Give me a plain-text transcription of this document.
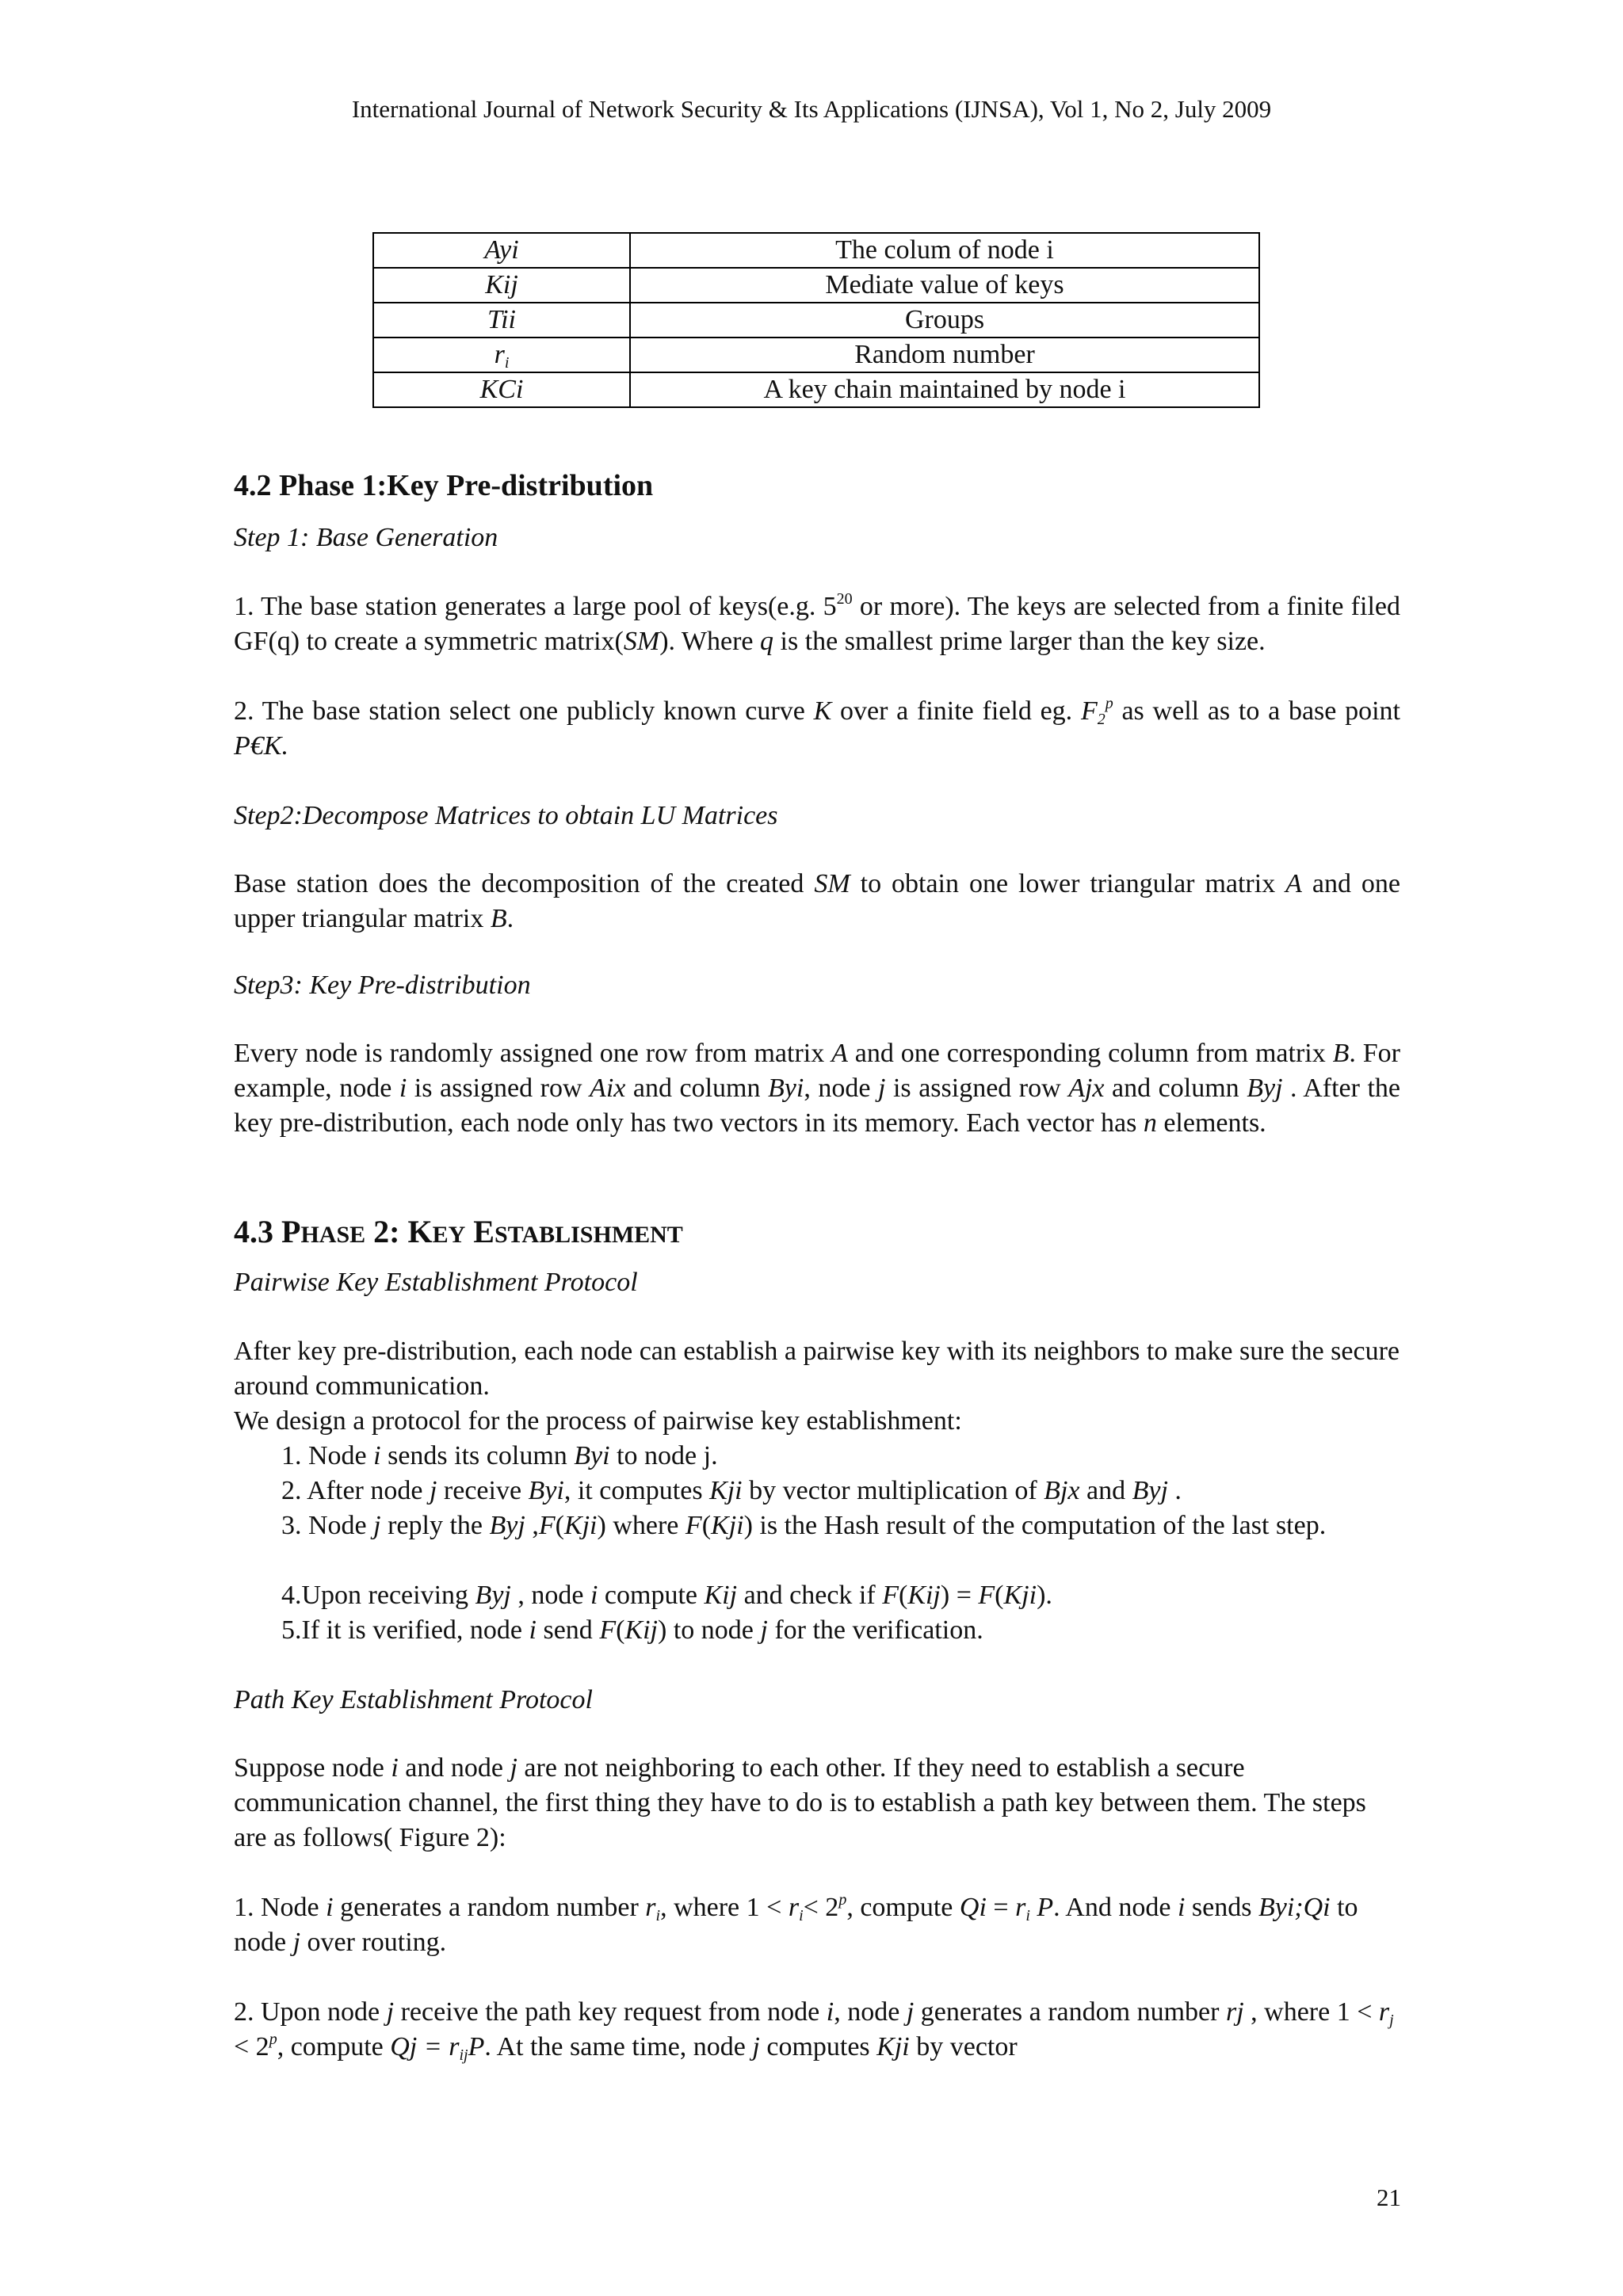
International Journal of Network Security & Its Applications (IJNSA), Vol 1, No 2, July 2009
Ayi	The colum of node i
Kij	Mediate value of keys
Tii	Groups
$r_i$	Random number
KCi	A key chain maintained by node i
4.2 Phase 1:Key Pre-distribution
Step 1: Base Generation
1. The base station generates a large pool of keys(e.g. $5^{20}$ or more). The keys are selected from a finite filed GF(q) to create a symmetric matrix(SM). Where q is the smallest prime larger than the key size.
2. The base station select one publicly known curve K over a finite field eg. $F_2^p$ as well as to a base point P€K.
Step2:Decompose Matrices to obtain LU Matrices
Base station does the decomposition of the created SM to obtain one lower triangular matrix A and one upper triangular matrix B.
Step3: Key Pre-distribution
Every node is randomly assigned one row from matrix A and one corresponding column from matrix B. For example, node i is assigned row Aix and column Byi, node j is assigned row Ajx and column Byj . After the key pre-distribution, each node only has two vectors in its memory. Each vector has n elements.
4.3 PHASE 2: KEY ESTABLISHMENT
Pairwise Key Establishment Protocol
After key pre-distribution, each node can establish a pairwise key with its neighbors to make sure the secure around communication.
We design a protocol for the process of pairwise key establishment:
1. Node i sends its column Byi to node j.
2. After node j receive Byi, it computes Kji by vector multiplication of Bjx and Byj .
3. Node j reply the Byj ,F(Kji) where F(Kji) is the Hash result of the computation of the last step.
4.Upon receiving Byj , node i compute Kij and check if F(Kij) = F(Kji).
5.If it is verified, node i send F(Kij) to node j for the verification.
Path Key Establishment Protocol
Suppose node i and node j are not neighboring to each other. If they need to establish a secure communication channel, the first thing they have to do is to establish a path key between them. The steps are as follows( Figure 2):
1. Node i generates a random number $r_i$, where $1 < r_i< 2^p$, compute $Qi = r_i$ P. And node i sends Byi;Qi to node j over routing.
2. Upon node j receive the path key request from node i, node j generates a random number rj , where $1 < r_j < 2^p$, compute $Qj = r_{ij}P$. At the same time, node j computes Kji by vector
21
